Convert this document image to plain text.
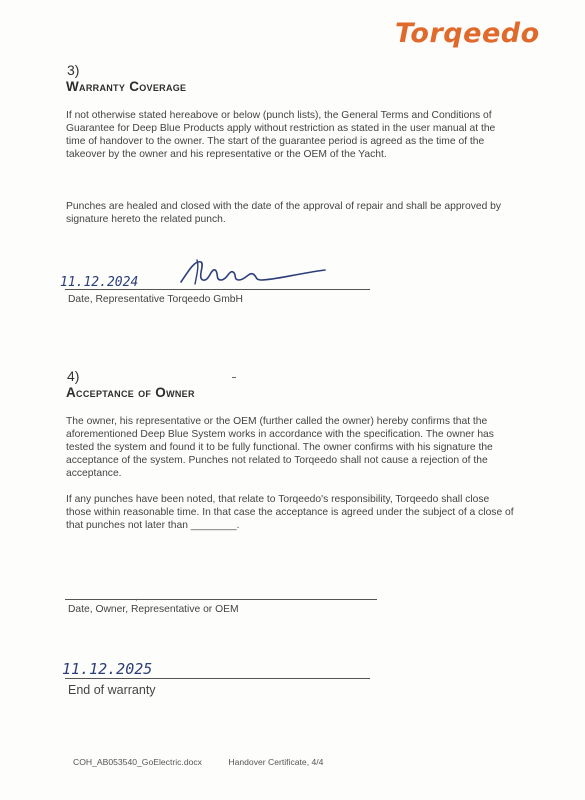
Torqeedo
3)
Warranty Coverage
If not otherwise stated hereabove or below (punch lists), the General Terms and Conditions of Guarantee for Deep Blue Products apply without restriction as stated in the user manual at the time of handover to the owner. The start of the guarantee period is agreed as the time of the takeover by the owner and his representative or the OEM of the Yacht.
Punches are healed and closed with the date of the approval of repair and shall be approved by signature hereto the related punch.
11.12.2024
Date, Representative Torqeedo GmbH
4)
Acceptance of Owner
The owner, his representative or the OEM (further called the owner) hereby confirms that the aforementioned Deep Blue System works in accordance with the specification. The owner has tested the system and found it to be fully functional. The owner confirms with his signature the acceptance of the system. Punches not related to Torqeedo shall not cause a rejection of the acceptance.
If any punches have been noted, that relate to Torqeedo's responsibility, Torqeedo shall close those within reasonable time. In that case the acceptance is agreed under the subject of a close of that punches not later than ________.
,
Date, Owner, Representative or OEM
11.12.2025
End of warranty
COH_AB053540_GoElectric.docx	Handover Certificate, 4/4
